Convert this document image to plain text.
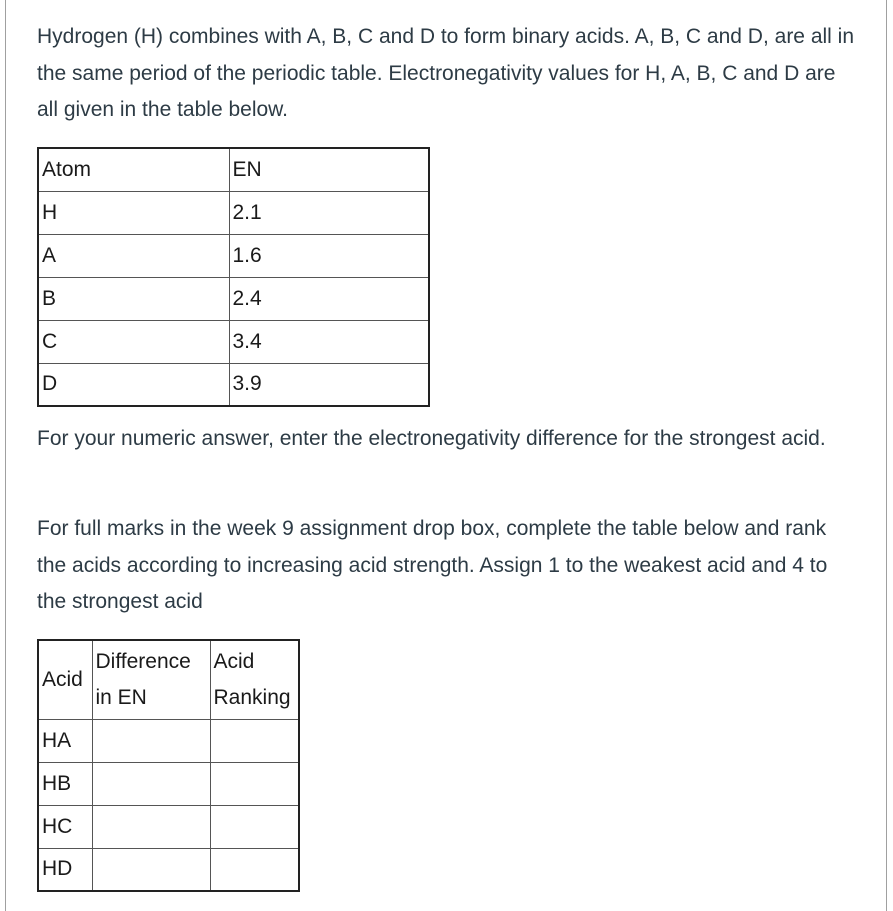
Hydrogen (H) combines with A, B, C and D to form binary acids. A, B, C and D, are all in the same period of the periodic table. Electronegativity values for H, A, B, C and D are all given in the table below.

Atom	EN
H	2.1
A	1.6
B	2.4
C	3.4
D	3.9

For your numeric answer, enter the electronegativity difference for the strongest acid.

For full marks in the week 9 assignment drop box, complete the table below and rank the acids according to increasing acid strength. Assign 1 to the weakest acid and 4 to the strongest acid

Acid	Difference in EN	Acid Ranking
HA		
HB		
HC		
HD		
